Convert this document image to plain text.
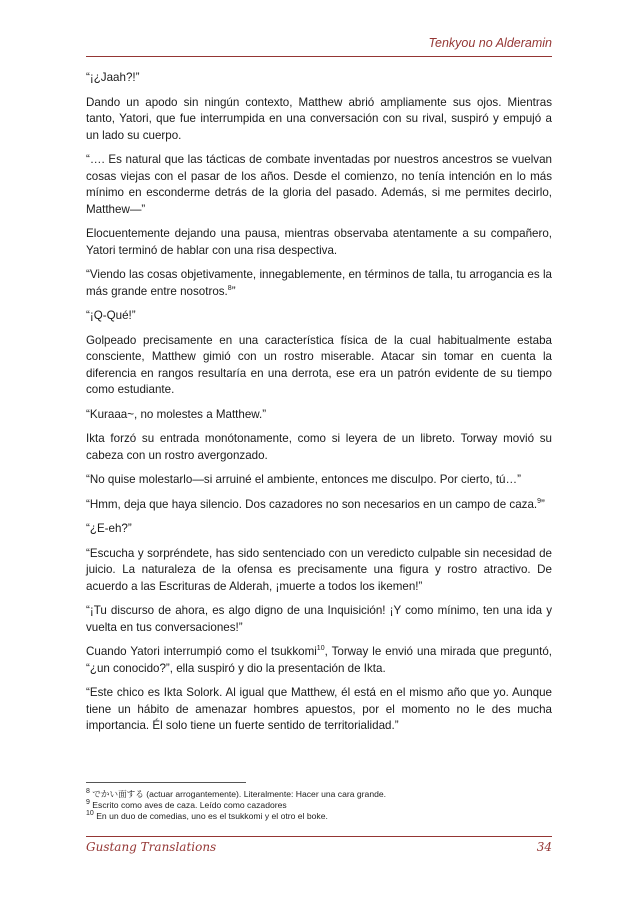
Tenkyou no Alderamin

“¡¿Jaah?!”

Dando un apodo sin ningún contexto, Matthew abrió ampliamente sus ojos. Mientras tanto, Yatori, que fue interrumpida en una conversación con su rival, suspiró y empujó a un lado su cuerpo.

“…. Es natural que las tácticas de combate inventadas por nuestros ancestros se vuelvan cosas viejas con el pasar de los años. Desde el comienzo, no tenía intención en lo más mínimo en esconderme detrás de la gloria del pasado. Además, si me permites decirlo, Matthew—”

Elocuentemente dejando una pausa, mientras observaba atentamente a su compañero, Yatori terminó de hablar con una risa despectiva.

“Viendo las cosas objetivamente, innegablemente, en términos de talla, tu arrogancia es la más grande entre nosotros.$^8$”

“¡Q-Qué!”

Golpeado precisamente en una característica física de la cual habitualmente estaba consciente, Matthew gimió con un rostro miserable. Atacar sin tomar en cuenta la diferencia en rangos resultaría en una derrota, ese era un patrón evidente de su tiempo como estudiante.

“Kuraaa~, no molestes a Matthew.”

Ikta forzó su entrada monótonamente, como si leyera de un libreto. Torway movió su cabeza con un rostro avergonzado.

“No quise molestarlo—si arruiné el ambiente, entonces me disculpo. Por cierto, tú…”

“Hmm, deja que haya silencio. Dos cazadores no son necesarios en un campo de caza.$^9$”

“¿E-eh?”

“Escucha y sorpréndete, has sido sentenciado con un veredicto culpable sin necesidad de juicio. La naturaleza de la ofensa es precisamente una figura y rostro atractivo. De acuerdo a las Escrituras de Alderah, ¡muerte a todos los ikemen!”

“¡Tu discurso de ahora, es algo digno de una Inquisición! ¡Y como mínimo, ten una ida y vuelta en tus conversaciones!”

Cuando Yatori interrumpió como el tsukkomi$^{10}$, Torway le envió una mirada que preguntó, “¿un conocido?”, ella suspiró y dio la presentación de Ikta.

“Este chico es Ikta Solork. Al igual que Matthew, él está en el mismo año que yo. Aunque tiene un hábito de amenazar hombres apuestos, por el momento no le des mucha importancia. Él solo tiene un fuerte sentido de territorialidad.”

$^8$ でかい面する (actuar arrogantemente). Literalmente: Hacer una cara grande.
$^9$ Escrito como aves de caza. Leído como cazadores
$^{10}$ En un duo de comedias, uno es el tsukkomi y el otro el boke.
Gustang Translations	34
